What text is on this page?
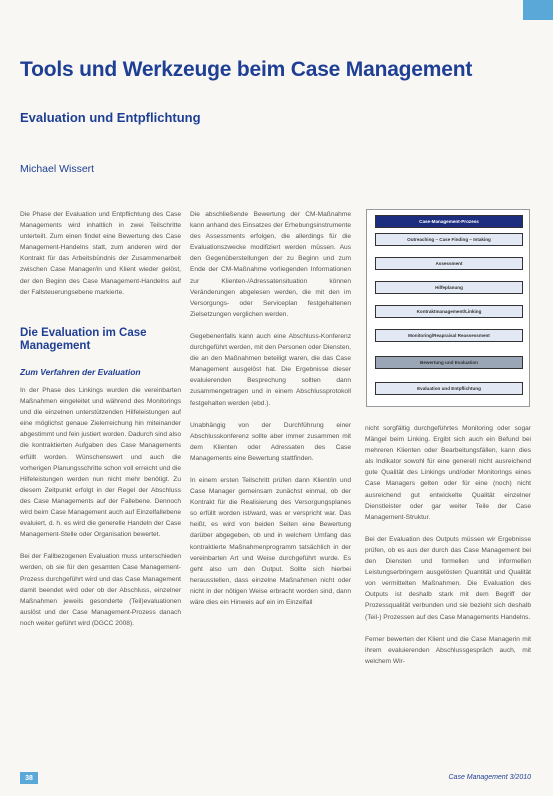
Tools und Werkzeuge beim Case Management
Evaluation und Entpflichtung
Michael Wissert

Die Phase der Evaluation und Entpflichtung des Case Managements wird inhaltlich in zwei Teilschritte unterteilt. Zum einen findet eine Bewertung des Case Management-Handelns statt, zum anderen wird der Kontrakt für das Arbeitsbündnis der Zusammenarbeit zwischen Case Manager/in und Klient wieder gelöst, der den Beginn des Case Management-Handelns auf der Fallsteuerungsebene markierte.

Die Evaluation im Case Management
Zum Verfahren der Evaluation

In der Phase des Linkings wurden die vereinbarten Maßnahmen eingeleitet und während des Monitorings und die einzelnen unterstützenden Hilfeleistungen auf eine möglichst genaue Zielerreichung hin miteinander abgestimmt und fein justiert worden. Dadurch sind also die kontraktierten Aufgaben des Case Managements erfüllt worden. Wünschenswert und auch die vorherigen Planungsschritte schon voll erreicht und die Hilfeleistungen werden nun nicht mehr benötigt. Zu diesem Zeitpunkt erfolgt in der Regel der Abschluss des Case Managements auf der Fallebene. Dennoch wird beim Case Management auch auf Einzelfallebene evaluiert, d. h. es wird die generelle Handeln der Case Management-Stelle oder Organisation bewertet.

Bei der Fallbezogenen Evaluation muss unterschieden werden, ob sie für den gesamten Case Management-Prozess durchgeführt wird und das Case Management damit beendet wird oder ob der Abschluss, einzelner Maßnahmen jeweils gesonderte (Teil)evaluationen auslöst und der Case Management-Prozess danach noch weiter geführt wird (DGCC 2008).

Die abschließende Bewertung der CM-Maßnahme kann anhand des Einsatzes der Erhebungsinstrumente des Assessments erfolgen, die allerdings für die Evaluationszwecke modifiziert werden müssen. Aus den Gegenüberstellungen der zu Beginn und zum Ende der CM-Maßnahme vorliegenden Informationen zur Klienten-/Adressatensituation können Veränderungen abgelesen werden, die mit den im Versorgungs- oder Serviceplan festgehaltenen Zielsetzungen verglichen werden.

Gegebenenfalls kann auch eine Abschluss-Konferenz durchgeführt werden, mit den Personen oder Diensten, die an den Maßnahmen beteiligt waren, die das Case Management ausgelöst hat. Die Ergebnisse dieser evaluierenden Besprechung sollten dann zusammengetragen und in einem Abschlussprotokoll festgehalten werden (ebd.).

Unabhängig von der Durchführung einer Abschlusskonferenz sollte aber immer zusammen mit dem Klienten oder Adressaten des Case Managements eine Bewertung stattfinden.

In einem ersten Teilschritt prüfen dann Klient/in und Case Manager gemeinsam zunächst einmal, ob der Kontrakt für die Realisierung des Versorgungsplanes so erfüllt worden ist/ward, was er verspricht war. Das heißt, es wird von beiden Seiten eine Bewertung darüber abgegeben, ob und in welchem Umfang das kontraktierte Maßnahmenprogramm tatsächlich in der vereinbarten Art und Weise durchgeführt wurde. Es geht also um den Output. Sollte sich hierbei herausstellen, dass einzelne Maßnahmen nicht oder nicht in der nötigen Weise erbracht worden sind, dann wäre dies ein Hinweis auf ein im Einzelfall

Case-Management-Prozess
Outreaching – Case Finding – Intaking
Assessment
Hilfeplanung
Kontraktmanagement/Linking
Monitoring/Reapraisal Reassessment
Bewertung und Evaluation
Evaluation und Entpflichtung

nicht sorgfältig durchgeführtes Monitoring oder sogar Mängel beim Linking. Ergibt sich auch ein Befund bei mehreren Klienten oder Bearbeitungsfällen, kann dies als Indikator sowohl für eine generell nicht ausreichend gute Qualität des Linkings und/oder Monitorings eines Case Managers gelten oder für eine (noch) nicht ausreichend gut entwickelte Qualität einzelner Dienstleister oder gar weiter Teile der Case Management-Struktur.

Bei der Evaluation des Outputs müssen wir Ergebnisse prüfen, ob es aus der durch das Case Management bei den Diensten und formellen und informellen Leistungserbringern ausgelösten Quantität und Qualität von vermittelten Maßnahmen. Die Evaluation des Outputs ist deshalb stark mit dem Begriff der Prozessqualität verbunden und sie bezieht sich deshalb (Teil-) Prozessen auf des Case Managements Handelns.

Ferner bewerten der Klient und die Case Managerin mit ihrem evaluierenden Abschlussgespräch auch, mit welchem Wir-

38	Case Management 3/2010
